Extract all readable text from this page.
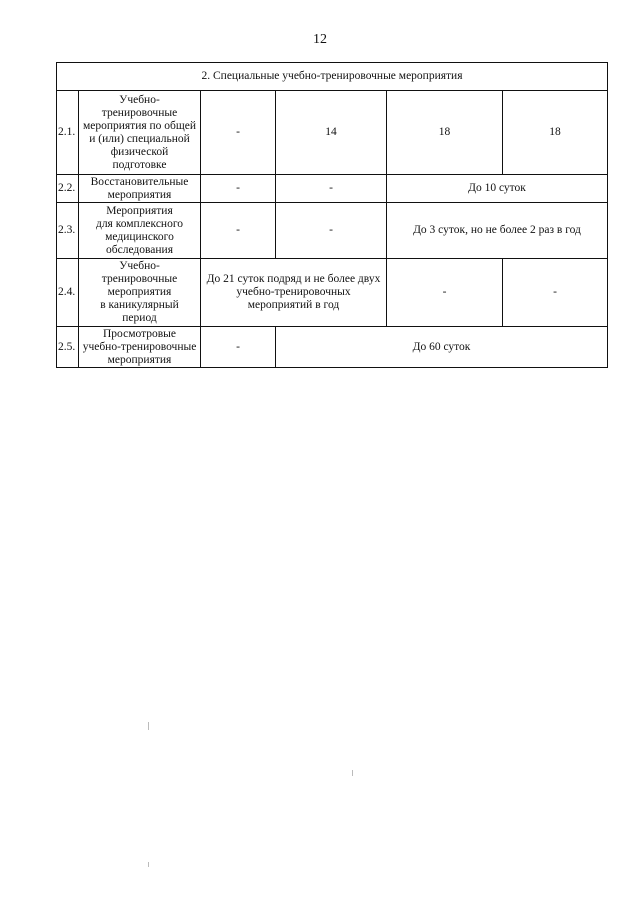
12
2. Специальные учебно-тренировочные мероприятия
2.1.
Учебно-
тренировочные
мероприятия по общей
и (или) специальной
физической
подготовке
-	14	18	18
2.2.
Восстановительные
мероприятия
-	-	До 10 суток
2.3.
Мероприятия
для комплексного
медицинского
обследования
-	-	До 3 суток, но не более 2 раз в год
2.4.
Учебно-
тренировочные
мероприятия
в каникулярный
период
До 21 суток подряд и не более двух
учебно-тренировочных
мероприятий в год
-	-
2.5.
Просмотровые
учебно-тренировочные
мероприятия
-	До 60 суток
